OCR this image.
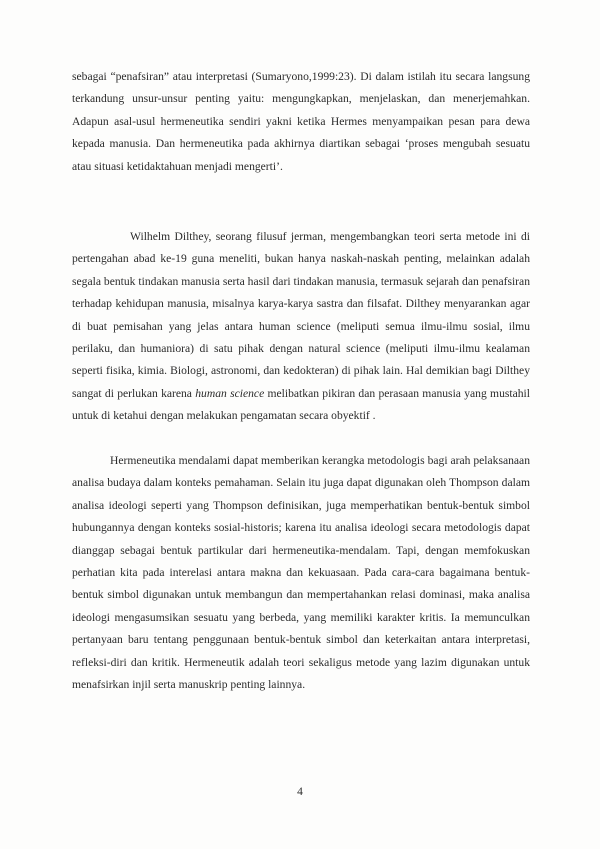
sebagai “penafsiran” atau interpretasi (Sumaryono,1999:23). Di dalam istilah itu secara langsung terkandung unsur-unsur penting yaitu: mengungkapkan, menjelaskan, dan menerjemahkan. Adapun asal-usul hermeneutika sendiri yakni ketika Hermes menyampaikan pesan para dewa kepada manusia. Dan hermeneutika pada akhirnya diartikan sebagai ‘proses mengubah sesuatu atau situasi ketidaktahuan menjadi mengerti’.

Wilhelm Dilthey, seorang filusuf jerman, mengembangkan teori serta metode ini di pertengahan abad ke-19 guna meneliti, bukan hanya naskah-naskah penting, melainkan adalah segala bentuk tindakan manusia serta hasil dari tindakan manusia, termasuk sejarah dan penafsiran terhadap kehidupan manusia, misalnya karya-karya sastra dan filsafat. Dilthey menyarankan agar di buat pemisahan yang jelas antara human science (meliputi semua ilmu-ilmu sosial, ilmu perilaku, dan humaniora) di satu pihak dengan natural science (meliputi ilmu-ilmu kealaman seperti fisika, kimia. Biologi, astronomi, dan kedokteran) di pihak lain. Hal demikian bagi Dilthey sangat di perlukan karena human science melibatkan pikiran dan perasaan manusia yang mustahil untuk di ketahui dengan melakukan pengamatan secara obyektif .

Hermeneutika mendalami dapat memberikan kerangka metodologis bagi arah pelaksanaan analisa budaya dalam konteks pemahaman. Selain itu juga dapat digunakan oleh Thompson dalam analisa ideologi seperti yang Thompson definisikan, juga memperhatikan bentuk-bentuk simbol hubungannya dengan konteks sosial-historis; karena itu analisa ideologi secara metodologis dapat dianggap sebagai bentuk partikular dari hermeneutika-mendalam. Tapi, dengan memfokuskan perhatian kita pada interelasi antara makna dan kekuasaan. Pada cara-cara bagaimana bentuk-bentuk simbol digunakan untuk membangun dan mempertahankan relasi dominasi, maka analisa ideologi mengasumsikan sesuatu yang berbeda, yang memiliki karakter kritis. Ia memunculkan pertanyaan baru tentang penggunaan bentuk-bentuk simbol dan keterkaitan antara interpretasi, refleksi-diri dan kritik. Hermeneutik adalah teori sekaligus metode yang lazim digunakan untuk menafsirkan injil serta manuskrip penting lainnya.

4
